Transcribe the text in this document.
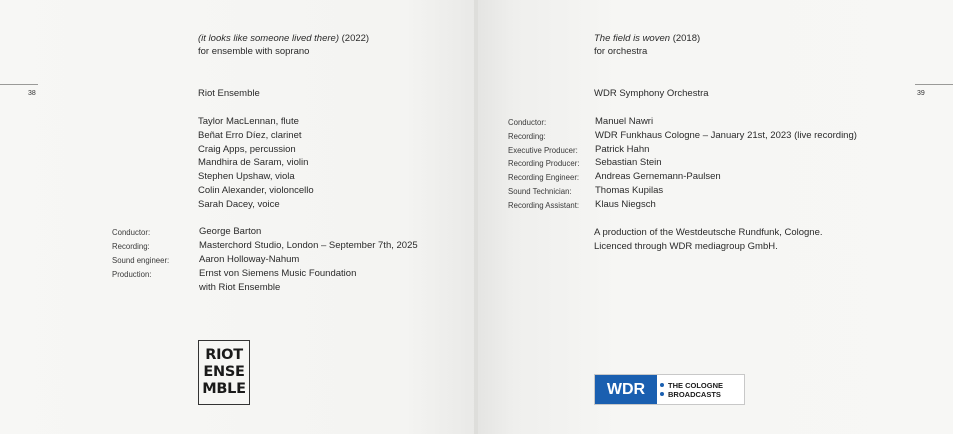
38
(it looks like someone lived there) (2022)
for ensemble with soprano
Riot Ensemble
Taylor MacLennan, flute
Beñat Erro Díez, clarinet
Craig Apps, percussion
Mandhira de Saram, violin
Stephen Upshaw, viola
Colin Alexander, violoncello
Sarah Dacey, voice
Conductor:	George Barton
Recording:	Masterchord Studio, London – September 7th, 2025
Sound engineer:	Aaron Holloway-Nahum
Production:	Ernst von Siemens Music Foundation
with Riot Ensemble
RIOT
ENSE
MBLE
39
The field is woven (2018)
for orchestra
WDR Symphony Orchestra
Conductor:	Manuel Nawri
Recording:	WDR Funkhaus Cologne – January 21st, 2023 (live recording)
Executive Producer: Patrick Hahn
Recording Producer: Sebastian Stein
Recording Engineer: Andreas Gernemann-Paulsen
Sound Technician: Thomas Kupilas
Recording Assistant: Klaus Niegsch
A production of the Westdeutsche Rundfunk, Cologne.
Licenced through WDR mediagroup GmbH.
WDR	THE COLOGNE
BROADCASTS
